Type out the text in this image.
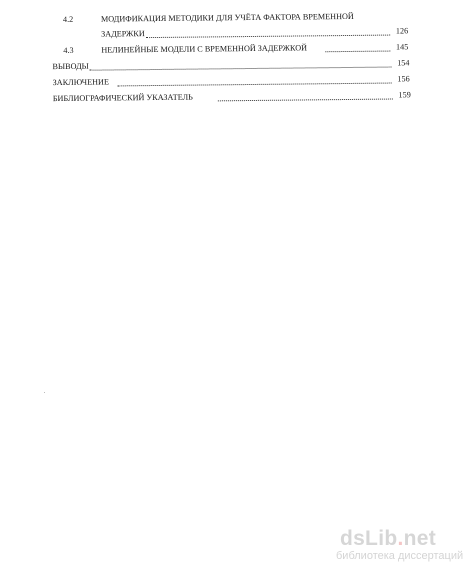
4.2	МОДИФИКАЦИЯ МЕТОДИКИ ДЛЯ УЧЁТА ФАКТОРА ВРЕМЕННОЙ
ЗАДЕРЖКИ	126
4.3	НЕЛИНЕЙНЫЕ МОДЕЛИ С ВРЕМЕННОЙ ЗАДЕРЖКОЙ	145
ВЫВОДЫ	154
ЗАКЛЮЧЕНИЕ	156
БИБЛИОГРАФИЧЕСКИЙ УКАЗАТЕЛЬ	159
dsLib.net
библиотека диссертаций
